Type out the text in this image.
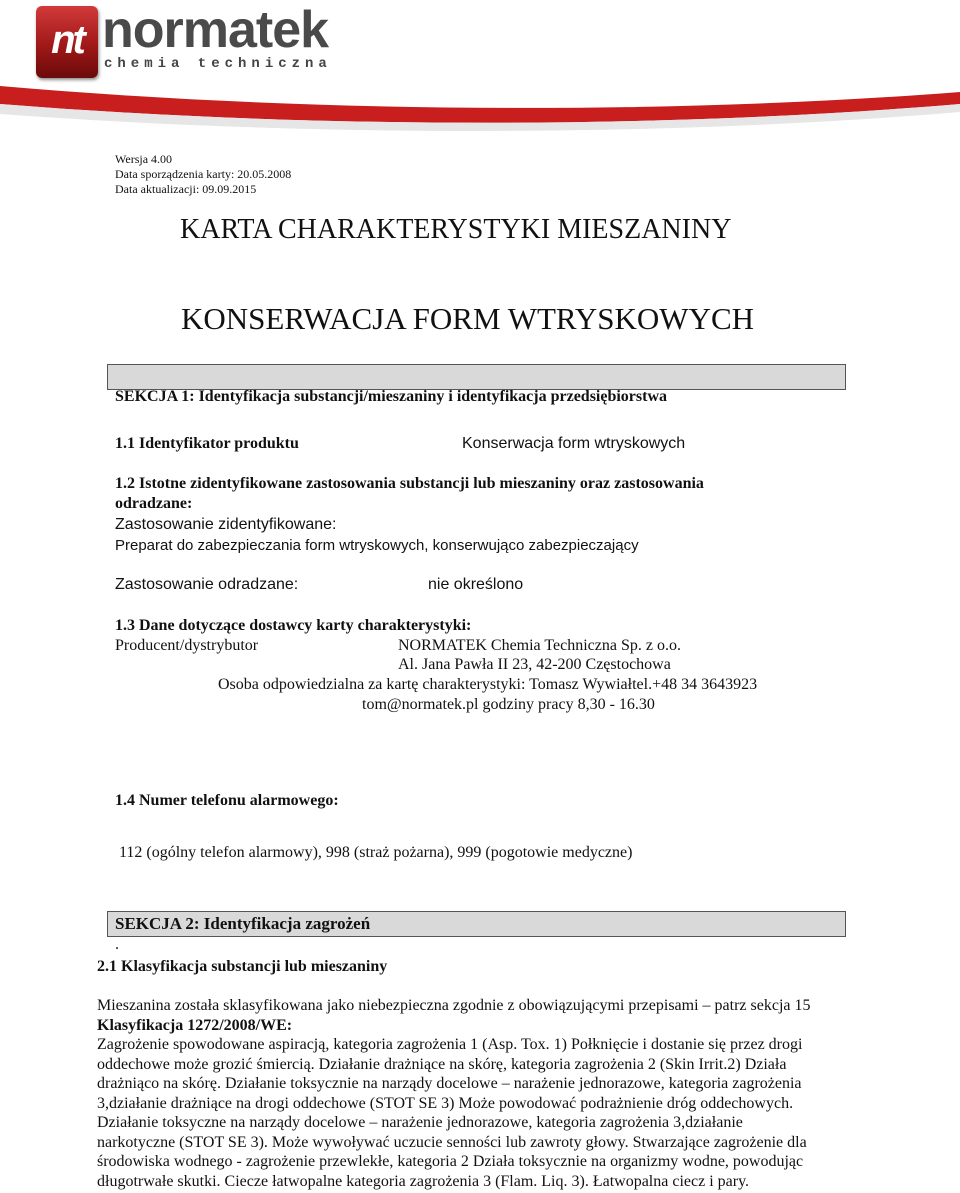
nt normatek
chemia techniczna
Wersja 4.00
Data sporządzenia karty: 20.05.2008
Data aktualizacji: 09.09.2015
KARTA CHARAKTERYSTYKI MIESZANINY
KONSERWACJA FORM WTRYSKOWYCH
SEKCJA 1: Identyfikacja substancji/mieszaniny i identyfikacja przedsiębiorstwa
1.1 Identyfikator produktu	Konserwacja form wtryskowych
1.2 Istotne zidentyfikowane zastosowania substancji lub mieszaniny oraz zastosowania
odradzane:
Zastosowanie zidentyfikowane:
Preparat do zabezpieczania form wtryskowych, konserwująco zabezpieczający
Zastosowanie odradzane:	nie określono
1.3 Dane dotyczące dostawcy karty charakterystyki:
Producent/dystrybutor	NORMATEK Chemia Techniczna Sp. z o.o.
Al. Jana Pawła II 23, 42-200 Częstochowa
Osoba odpowiedzialna za kartę charakterystyki: Tomasz Wywiałtel.+48 34 3643923
tom@normatek.pl godziny pracy 8,30 - 16.30
1.4 Numer telefonu alarmowego:
112 (ogólny telefon alarmowy), 998 (straż pożarna), 999 (pogotowie medyczne)
SEKCJA 2: Identyfikacja zagrożeń
.
2.1 Klasyfikacja substancji lub mieszaniny
Mieszanina została sklasyfikowana jako niebezpieczna zgodnie z obowiązującymi przepisami – patrz sekcja 15
Klasyfikacja 1272/2008/WE:
Zagrożenie spowodowane aspiracją, kategoria zagrożenia 1 (Asp. Tox. 1) Połknięcie i dostanie się przez drogi
oddechowe może grozić śmiercią. Działanie drażniące na skórę, kategoria zagrożenia 2 (Skin Irrit.2) Działa
drażniąco na skórę. Działanie toksycznie na narządy docelowe – narażenie jednorazowe, kategoria zagrożenia
3,działanie drażniące na drogi oddechowe (STOT SE 3) Może powodować podrażnienie dróg oddechowych.
Działanie toksyczne na narządy docelowe – narażenie jednorazowe, kategoria zagrożenia 3,działanie
narkotyczne (STOT SE 3). Może wywoływać uczucie senności lub zawroty głowy. Stwarzające zagrożenie dla
środowiska wodnego - zagrożenie przewlekłe, kategoria 2 Działa toksycznie na organizmy wodne, powodując
długotrwałe skutki. Ciecze łatwopalne kategoria zagrożenia 3 (Flam. Liq. 3). Łatwopalna ciecz i pary.
